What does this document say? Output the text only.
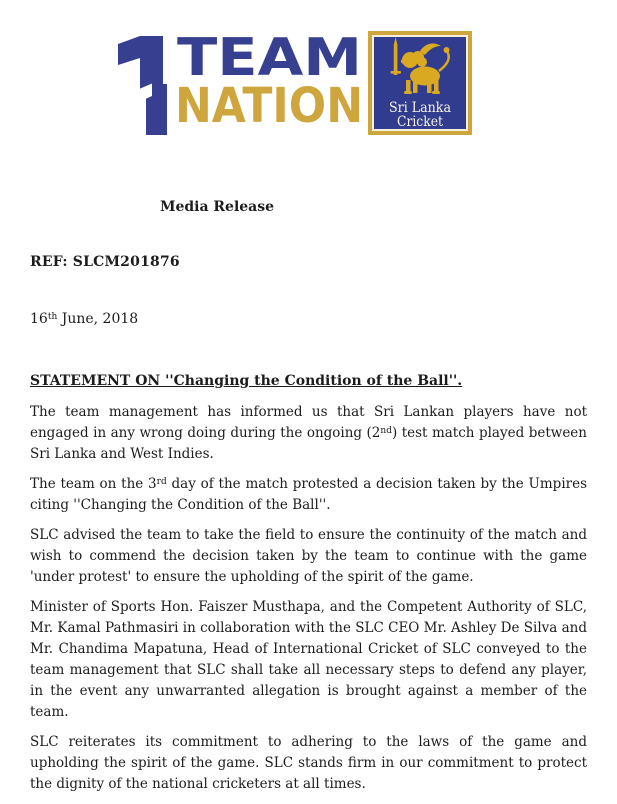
TEAM
NATION Sri Lanka
Cricket
Media Release
REF: SLCM201876
16th June, 2018
STATEMENT ON ''Changing the Condition of the Ball''.

The team management has informed us that Sri Lankan players have not engaged in any wrong doing during the ongoing (2nd) test match played between Sri Lanka and West Indies.

The team on the 3rd day of the match protested a decision taken by the Umpires citing ''Changing the Condition of the Ball''.

SLC advised the team to take the field to ensure the continuity of the match and wish to commend the decision taken by the team to continue with the game 'under protest' to ensure the upholding of the spirit of the game.

Minister of Sports Hon. Faiszer Musthapa, and the Competent Authority of SLC, Mr. Kamal Pathmasiri in collaboration with the SLC CEO Mr. Ashley De Silva and Mr. Chandima Mapatuna, Head of International Cricket of SLC conveyed to the team management that SLC shall take all necessary steps to defend any player, in the event any unwarranted allegation is brought against a member of the team.

SLC reiterates its commitment to adhering to the laws of the game and upholding the spirit of the game. SLC stands firm in our commitment to protect the dignity of the national cricketers at all times.
